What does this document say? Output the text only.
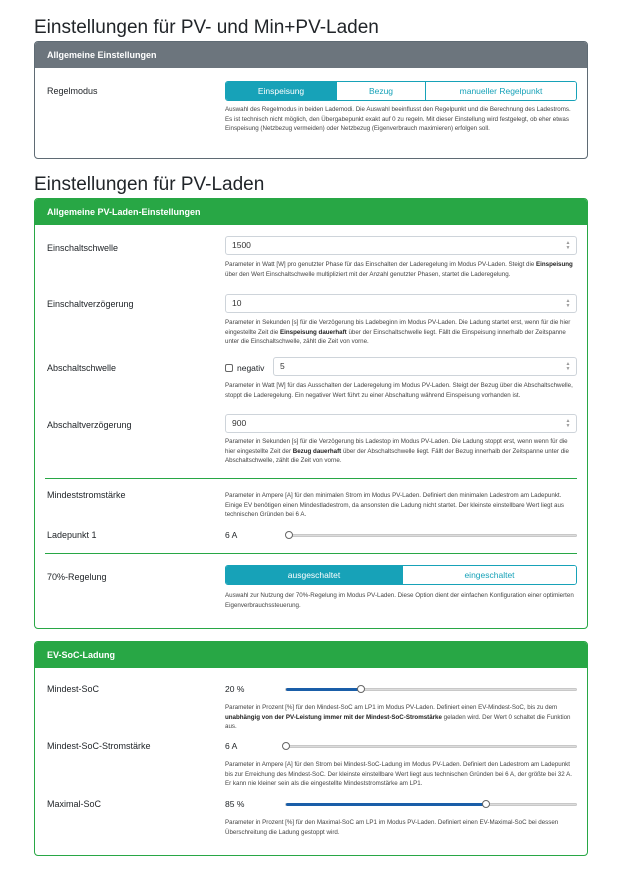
Einstellungen für PV- und Min+PV-Laden
Allgemeine Einstellungen
Regelmodus	Einspeisung	Bezug	manueller Regelpunkt
Auswahl des Regelmodus in beiden Lademodi. Die Auswahl beeinflusst den Regelpunkt und die Berechnung des Ladestroms. Es ist technisch nicht möglich, den Übergabepunkt exakt auf 0 zu regeln. Mit dieser Einstellung wird festgelegt, ob eher etwas Einspeisung (Netzbezug vermeiden) oder Netzbezug (Eigenverbrauch maximieren) erfolgen soll.
Einstellungen für PV-Laden
Allgemeine PV-Laden-Einstellungen
Einschaltschwelle	1500	▲
▼
Parameter in Watt [W] pro genutzter Phase für das Einschalten der Laderegelung im Modus PV-Laden. Steigt die Einspeisung über den Wert Einschaltschwelle multipliziert mit der Anzahl genutzter Phasen, startet die Laderegelung.
Einschaltverzögerung	10	▲
▼
Parameter in Sekunden [s] für die Verzögerung bis Ladebeginn im Modus PV-Laden. Die Ladung startet erst, wenn für die hier eingestellte Zeit die Einspeisung dauerhaft über der Einschaltschwelle liegt. Fällt die Einspeisung innerhalb der Zeitspanne unter die Einschaltschwelle, zählt die Zeit von vorne.
Abschaltschwelle	negativ	5	▲
▼
Parameter in Watt [W] für das Ausschalten der Laderegelung im Modus PV-Laden. Steigt der Bezug über die Abschaltschwelle, stoppt die Laderegelung. Ein negativer Wert führt zu einer Abschaltung während Einspeisung vorhanden ist.
Abschaltverzögerung	900	▲
▼
Parameter in Sekunden [s] für die Verzögerung bis Ladestop im Modus PV-Laden. Die Ladung stoppt erst, wenn wenn für die hier eingestellte Zeit der Bezug dauerhaft über der Abschaltschwelle liegt. Fällt der Bezug innerhalb der Zeitspanne unter die Abschaltschwelle, zählt die Zeit von vorne.
Mindeststromstärke	Parameter in Ampere [A] für den minimalen Strom im Modus PV-Laden. Definiert den minimalen Ladestrom am Ladepunkt. Einige EV benötigen einen Mindestladestrom, da ansonsten die Ladung nicht startet. Der kleinste einstellbare Wert liegt aus technischen Gründen bei 6 A.
Ladepunkt 1	6 A
70%-Regelung	ausgeschaltet	eingeschaltet
Auswahl zur Nutzung der 70%-Regelung im Modus PV-Laden. Diese Option dient der einfachen Konfiguration einer optimierten Eigenverbrauchssteuerung.
EV-SoC-Ladung
Mindest-SoC	20 %
Parameter in Prozent [%] für den Mindest-SoC am LP1 im Modus PV-Laden. Definiert einen EV-Mindest-SoC, bis zu dem unabhängig von der PV-Leistung immer mit der Mindest-SoC-Stromstärke geladen wird. Der Wert 0 schaltet die Funktion aus.
Mindest-SoC-Stromstärke	6 A
Parameter in Ampere [A] für den Strom bei Mindest-SoC-Ladung im Modus PV-Laden. Definiert den Ladestrom am Ladepunkt bis zur Erreichung des Mindest-SoC. Der kleinste einstellbare Wert liegt aus technischen Gründen bei 6 A, der größte bei 32 A. Er kann nie kleiner sein als die eingestellte Mindeststromstärke am LP1.
Maximal-SoC	85 %
Parameter in Prozent [%] für den Maximal-SoC am LP1 im Modus PV-Laden. Definiert einen EV-Maximal-SoC bei dessen Überschreitung die Ladung gestoppt wird.
